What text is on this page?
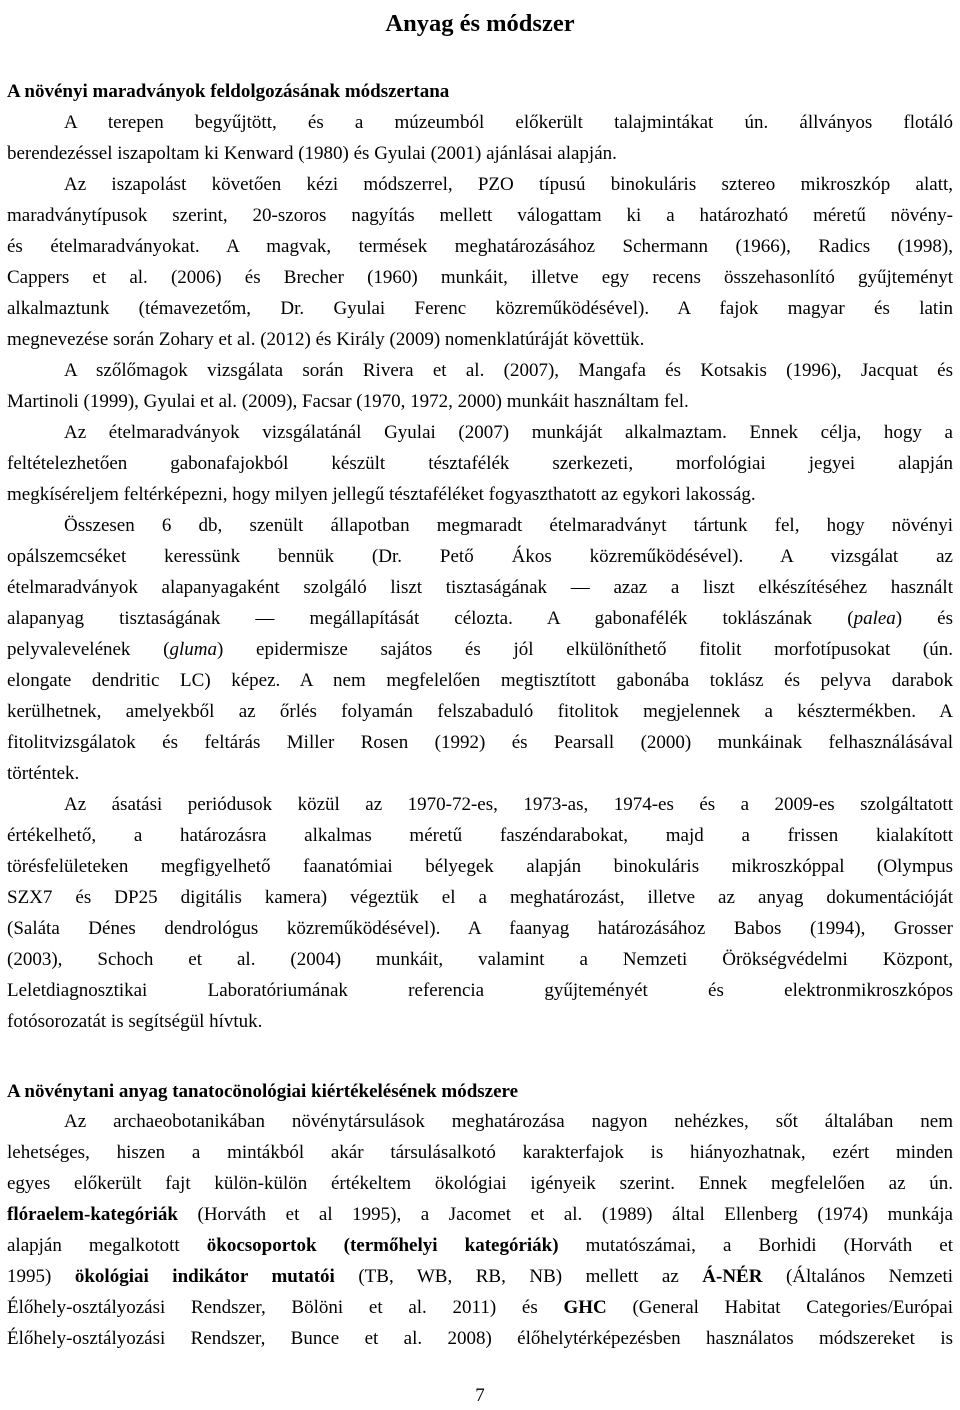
Anyag és módszer
A növényi maradványok feldolgozásának módszertana
A terepen begyűjtött, és a múzeumból előkerült talajmintákat ún. állványos flotáló
berendezéssel iszapoltam ki Kenward (1980) és Gyulai (2001) ajánlásai alapján.
Az iszapolást követően kézi módszerrel, PZO típusú binokuláris sztereo mikroszkóp alatt,
maradványtípusok szerint, 20-szoros nagyítás mellett válogattam ki a határozható méretű növény-
és ételmaradványokat. A magvak, termések meghatározásához Schermann (1966), Radics (1998),
Cappers et al. (2006) és Brecher (1960) munkáit, illetve egy recens összehasonlító gyűjteményt
alkalmaztunk (témavezetőm, Dr. Gyulai Ferenc közreműködésével). A fajok magyar és latin
megnevezése során Zohary et al. (2012) és Király (2009) nomenklatúráját követtük.
A szőlőmagok vizsgálata során Rivera et al. (2007), Mangafa és Kotsakis (1996), Jacquat és
Martinoli (1999), Gyulai et al. (2009), Facsar (1970, 1972, 2000) munkáit használtam fel.
Az ételmaradványok vizsgálatánál Gyulai (2007) munkáját alkalmaztam. Ennek célja, hogy a
feltételezhetően gabonafajokból készült tésztafélék szerkezeti, morfológiai jegyei alapján
megkíséreljem feltérképezni, hogy milyen jellegű tésztaféléket fogyaszthatott az egykori lakosság.
Összesen 6 db, szenült állapotban megmaradt ételmaradványt tártunk fel, hogy növényi
opálszemcséket keressünk bennük (Dr. Pető Ákos közreműködésével). A vizsgálat az
ételmaradványok alapanyagaként szolgáló liszt tisztaságának — azaz a liszt elkészítéséhez használt
alapanyag tisztaságának — megállapítását célozta. A gabonafélék toklászának (palea) és
pelyvalevelének (gluma) epidermisze sajátos és jól elkülöníthető fitolit morfotípusokat (ún.
elongate dendritic LC) képez. A nem megfelelően megtisztított gabonába toklász és pelyva darabok
kerülhetnek, amelyekből az őrlés folyamán felszabaduló fitolitok megjelennek a késztermékben. A
fitolitvizsgálatok és feltárás Miller Rosen (1992) és Pearsall (2000) munkáinak felhasználásával
történtek.
Az ásatási periódusok közül az 1970-72-es, 1973-as, 1974-es és a 2009-es szolgáltatott
értékelhető, a határozásra alkalmas méretű faszéndarabokat, majd a frissen kialakított
törésfelületeken megfigyelhető faanatómiai bélyegek alapján binokuláris mikroszkóppal (Olympus
SZX7 és DP25 digitális kamera) végeztük el a meghatározást, illetve az anyag dokumentációját
(Saláta Dénes dendrológus közreműködésével). A faanyag határozásához Babos (1994), Grosser
(2003), Schoch et al. (2004) munkáit, valamint a Nemzeti Örökségvédelmi Központ,
Leletdiagnosztikai Laboratóriumának referencia gyűjteményét és elektronmikroszkópos
fotósorozatát is segítségül hívtuk.
A növénytani anyag tanatocönológiai kiértékelésének módszere
Az archaeobotanikában növénytársulások meghatározása nagyon nehézkes, sőt általában nem
lehetséges, hiszen a mintákból akár társulásalkotó karakterfajok is hiányozhatnak, ezért minden
egyes előkerült fajt külön-külön értékeltem ökológiai igényeik szerint. Ennek megfelelően az ún.
flóraelem-kategóriák (Horváth et al 1995), a Jacomet et al. (1989) által Ellenberg (1974) munkája
alapján megalkotott ökocsoportok (termőhelyi kategóriák) mutatószámai, a Borhidi (Horváth et
1995) ökológiai indikátor mutatói (TB, WB, RB, NB) mellett az Á-NÉR (Általános Nemzeti
Élőhely-osztályozási Rendszer, Bölöni et al. 2011) és GHC (General Habitat Categories/Európai
Élőhely-osztályozási Rendszer, Bunce et al. 2008) élőhelytérképezésben használatos módszereket is
7
